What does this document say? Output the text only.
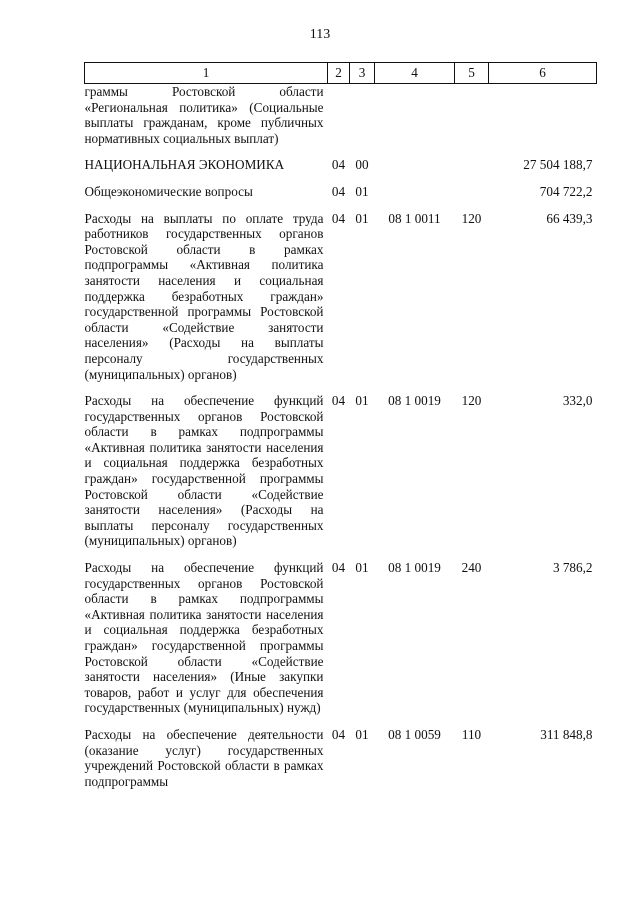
113
1	2	3	4	5	6
граммы Ростовской области «Региональная политика» (Социальные выплаты гражданам, кроме публичных нормативных социальных выплат)					
НАЦИОНАЛЬНАЯ ЭКОНОМИКА	04	00			27 504 188,7
Общеэкономические вопросы	04	01			704 722,2
Расходы на выплаты по оплате труда работников государственных органов Ростовской области в рамках подпрограммы «Активная политика занятости населения и социальная поддержка безработных граждан» государственной программы Ростовской области «Содействие занятости населения» (Расходы на выплаты персоналу государственных (муниципальных) органов)	04	01	08 1 0011	120	66 439,3
Расходы на обеспечение функций государственных органов Ростовской области в рамках подпрограммы «Активная политика занятости населения и социальная поддержка безработных граждан» государственной программы Ростовской области «Содействие занятости населения» (Расходы на выплаты персоналу государственных (муниципальных) органов)	04	01	08 1 0019	120	332,0
Расходы на обеспечение функций государственных органов Ростовской области в рамках подпрограммы «Активная политика занятости населения и социальная поддержка безработных граждан» государственной программы Ростовской области «Содействие занятости населения» (Иные закупки товаров, работ и услуг для обеспечения государственных (муниципальных) нужд)	04	01	08 1 0019	240	3 786,2
Расходы на обеспечение деятельности (оказание услуг) государственных учреждений Ростовской области в рамках подпрограммы	04	01	08 1 0059	110	311 848,8
